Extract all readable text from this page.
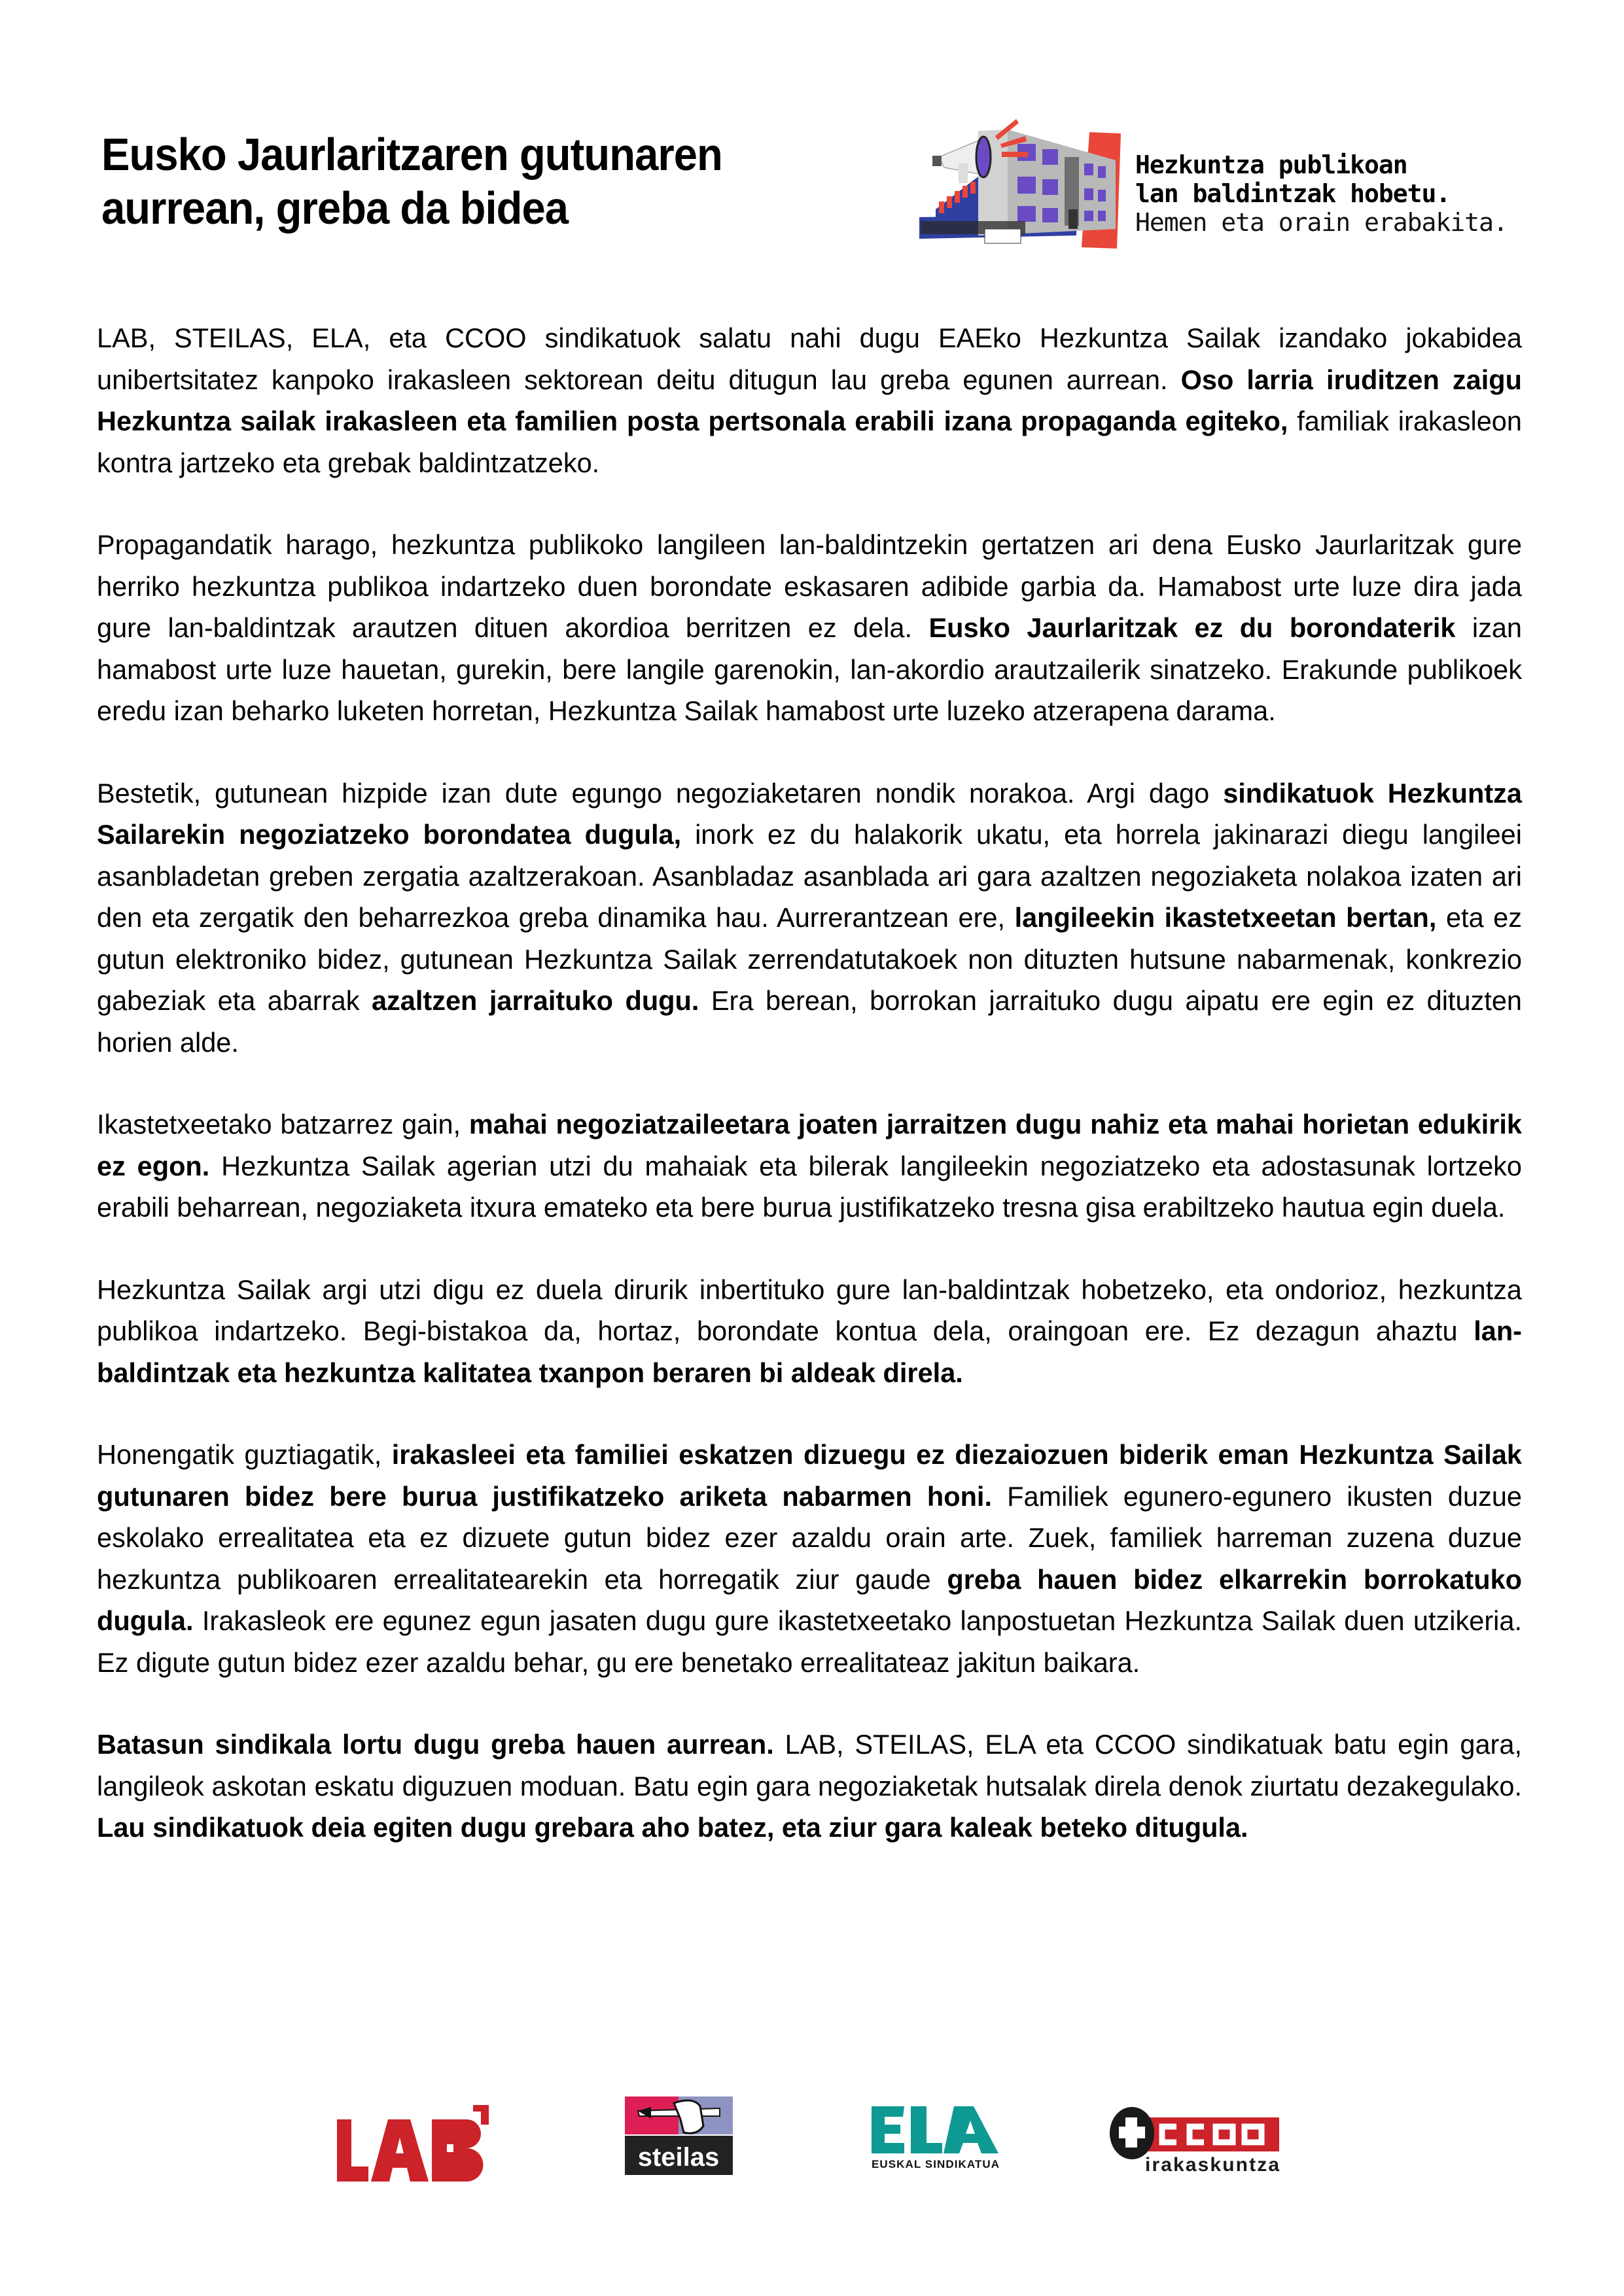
Eusko Jaurlaritzaren gutunaren
aurrean, greba da bidea
Hezkuntza publikoan
lan baldintzak hobetu.
Hemen eta orain erabakita.

LAB, STEILAS, ELA, eta CCOO sindikatuok salatu nahi dugu EAEko Hezkuntza Sailak izandako jokabidea unibertsitatez kanpoko irakasleen sektorean deitu ditugun lau greba egunen aurrean. Oso larria iruditzen zaigu Hezkuntza sailak irakasleen eta familien posta pertsonala erabili izana propaganda egiteko, familiak irakasleon kontra jartzeko eta grebak baldintzatzeko.

Propagandatik harago, hezkuntza publikoko langileen lan-baldintzekin gertatzen ari dena Eusko Jaurlaritzak gure herriko hezkuntza publikoa indartzeko duen borondate eskasaren adibide garbia da. Hamabost urte luze dira jada gure lan-baldintzak arautzen dituen akordioa berritzen ez dela. Eusko Jaurlaritzak ez du borondaterik izan hamabost urte luze hauetan, gurekin, bere langile garenokin, lan-akordio arautzailerik sinatzeko. Erakunde publikoek eredu izan beharko luketen horretan, Hezkuntza Sailak hamabost urte luzeko atzerapena darama.

Bestetik, gutunean hizpide izan dute egungo negoziaketaren nondik norakoa. Argi dago sindikatuok Hezkuntza Sailarekin negoziatzeko borondatea dugula, inork ez du halakorik ukatu, eta horrela jakinarazi diegu langileei asanbladetan greben zergatia azaltzerakoan. Asanbladaz asanblada ari gara azaltzen negoziaketa nolakoa izaten ari den eta zergatik den beharrezkoa greba dinamika hau. Aurrerantzean ere, langileekin ikastetxeetan bertan, eta ez gutun elektroniko bidez, gutunean Hezkuntza Sailak zerrendatutakoek non dituzten hutsune nabarmenak, konkrezio gabeziak eta abarrak azaltzen jarraituko dugu. Era berean, borrokan jarraituko dugu aipatu ere egin ez dituzten horien alde.

Ikastetxeetako batzarrez gain, mahai negoziatzaileetara joaten jarraitzen dugu nahiz eta mahai horietan edukirik ez egon. Hezkuntza Sailak agerian utzi du mahaiak eta bilerak langileekin negoziatzeko eta adostasunak lortzeko erabili beharrean, negoziaketa itxura emateko eta bere burua justifikatzeko tresna gisa erabiltzeko hautua egin duela.

Hezkuntza Sailak argi utzi digu ez duela dirurik inbertituko gure lan-baldintzak hobetzeko, eta ondorioz, hezkuntza publikoa indartzeko. Begi-bistakoa da, hortaz, borondate kontua dela, oraingoan ere. Ez dezagun ahaztu lan-baldintzak eta hezkuntza kalitatea txanpon beraren bi aldeak direla.

Honengatik guztiagatik, irakasleei eta familiei eskatzen dizuegu ez diezaiozuen biderik eman Hezkuntza Sailak gutunaren bidez bere burua justifikatzeko ariketa nabarmen honi. Familiek egunero-egunero ikusten duzue eskolako errealitatea eta ez dizuete gutun bidez ezer azaldu orain arte. Zuek, familiek harreman zuzena duzue hezkuntza publikoaren errealitatearekin eta horregatik ziur gaude greba hauen bidez elkarrekin borrokatuko dugula. Irakasleok ere egunez egun jasaten dugu gure ikastetxeetako lanpostuetan Hezkuntza Sailak duen utzikeria. Ez digute gutun bidez ezer azaldu behar, gu ere benetako errealitateaz jakitun baikara.

Batasun sindikala lortu dugu greba hauen aurrean. LAB, STEILAS, ELA eta CCOO sindikatuak batu egin gara, langileok askotan eskatu diguzuen moduan. Batu egin gara negoziaketak hutsalak direla denok ziurtatu dezakegulako. Lau sindikatuok deia egiten dugu grebara aho batez, eta ziur gara kaleak beteko ditugula.

LAB
steilas	EUSKAL SINDIKATUA
ELA
irakaskuntza
CCOO
